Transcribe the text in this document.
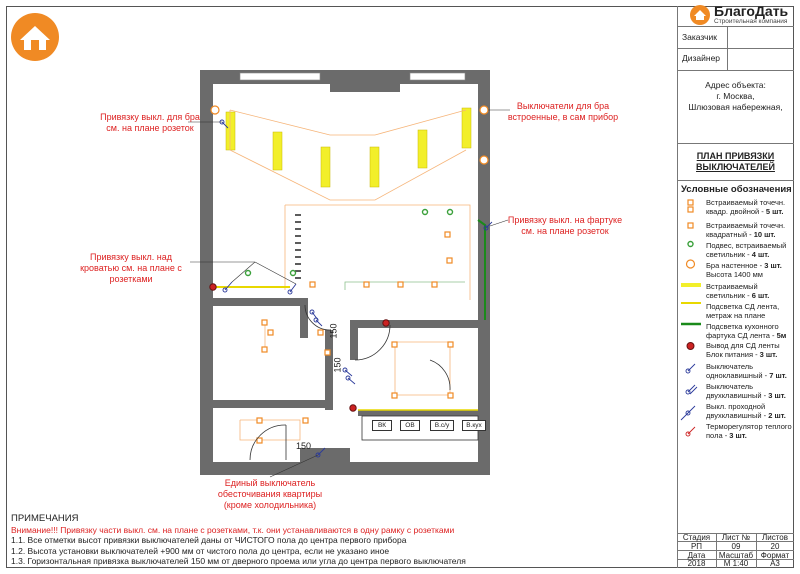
Привязку выкл. для бра см. на плане розеток
Выключатели для бра встроенные, в сам прибор
Привязку выкл. на фартуке см. на плане розеток
Привязку выкл. над кроватью см. на плане с розетками
Единый выключатель обесточивания квартиры (кроме холодильника)
150
150
150
ВК	ОВ	В.с/у	В.кух
БлагоДать
Строительная компания
Заказчик
Дизайнер
Адрес объекта:
г. Москва,
Шлюзовая набережная,
ПЛАН ПРИВЯЗКИ ВЫКЛЮЧАТЕЛЕЙ
Условные обозначения
Встраиваемый точечн. квадр. двойной - 5 шт.
Встраиваемый точечн. квадратный - 10 шт.
Подвес, встраиваемый светильник - 4 шт.
Бра настенное - 3 шт.
Высота 1400 мм
Встраиваемый светильник - 6 шт.
Подсветка СД лента, метраж на плане
Подсветка кухонного фартука СД лента - 5м
Вывод для СД ленты Блок питания - 3 шт.
Выключатель одноклавишный - 7 шт.
Выключатель двухклавишный - 3 шт.
Выкл. проходной двухклавишный - 2 шт.
Терморегулятор теплого пола - 3 шт.
Стадия	Лист №	Листов
РП	09	20
Дата	Масштаб Формат
2018	М 1:40	А3
ПРИМЕЧАНИЯ
Внимание!!! Привязку части выкл. см. на плане с розетками, т.к. они устанавливаются в одну рамку с розетками
1.1. Все отметки высот привязки выключателей даны от ЧИСТОГО пола до центра первого прибора
1.2. Высота установки выключателей +900 мм от чистого пола до центра, если не указано иное
1.3. Горизонтальная привязка выключателей 150 мм от дверного проема или угла до центра первого выключателя
